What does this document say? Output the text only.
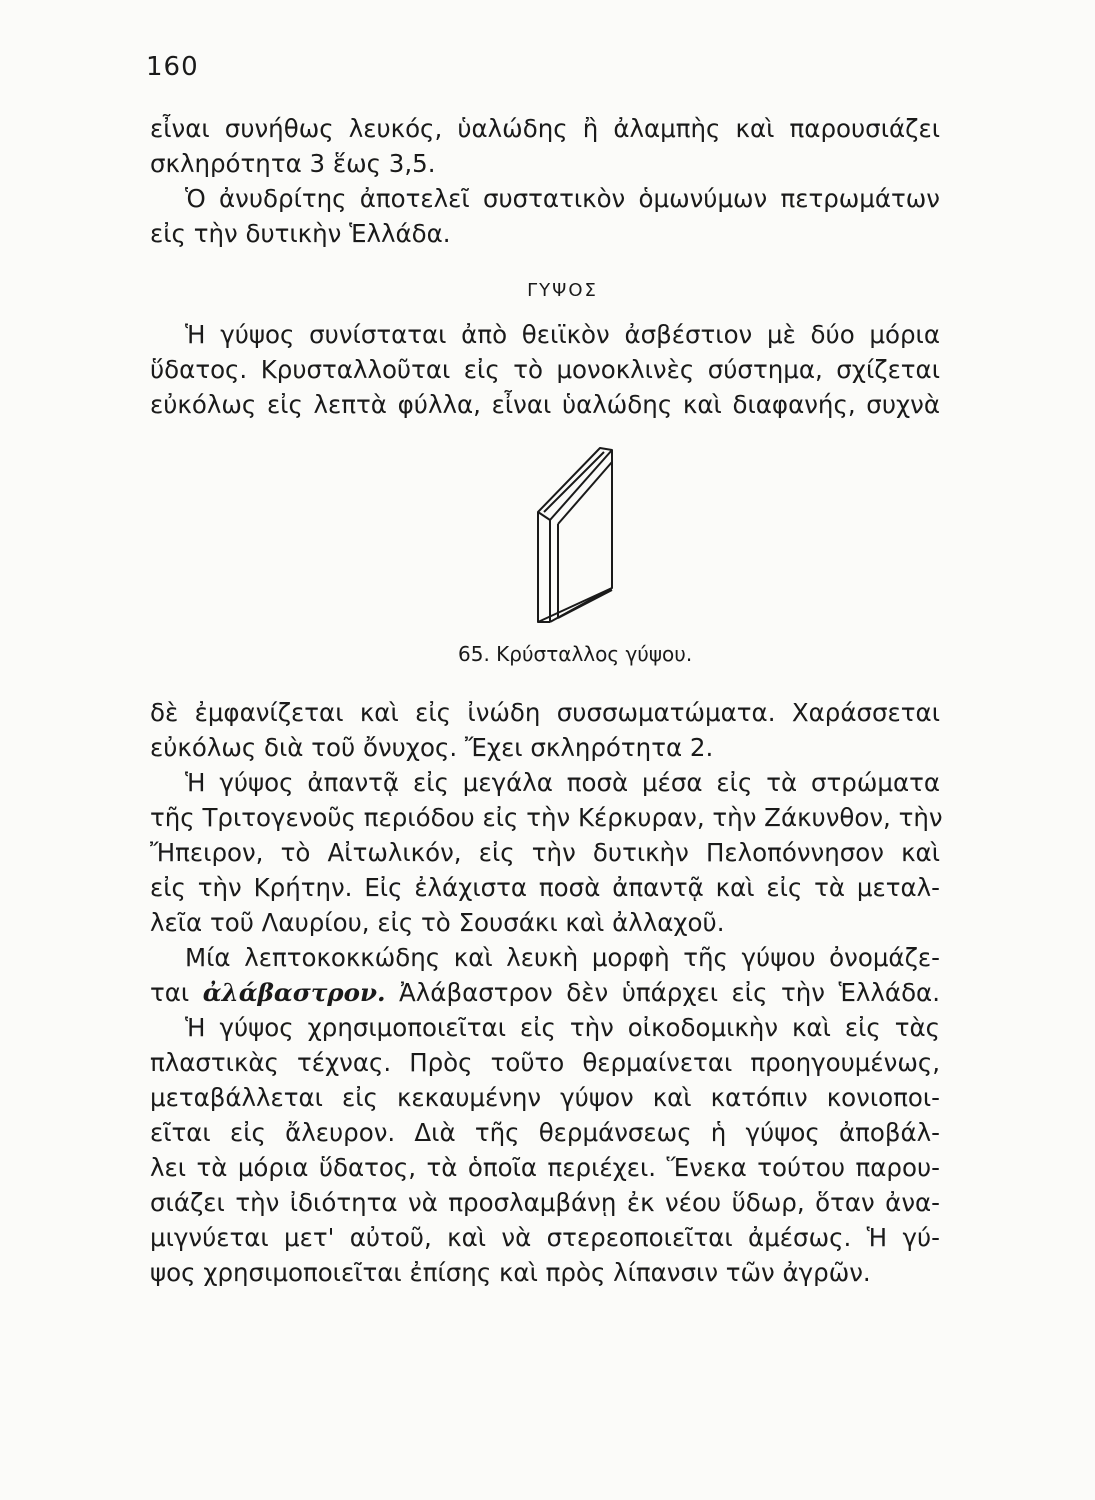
160
εἶναι συνήθως λευκός, ὑαλώδης ἢ ἀλαμπὴς καὶ παρουσιάζει
σκληρότητα 3 ἕως 3,5.
Ὁ ἀνυδρίτης ἀποτελεῖ συστατικὸν ὁμωνύμων πετρωμάτων
εἰς τὴν δυτικὴν Ἑλλάδα.
ΓΥΨΟΣ
Ἡ γύψος συνίσταται ἀπὸ θειϊκὸν ἀσβέστιον μὲ δύο μόρια
ὕδατος. Κρυσταλλοῦται εἰς τὸ μονοκλινὲς σύστημα, σχίζεται
εὐκόλως εἰς λεπτὰ φύλλα, εἶναι ὑαλώδης καὶ διαφανής, συχνὰ
65. Κρύσταλλος γύψου.
δὲ ἐμφανίζεται καὶ εἰς ἰνώδη συσσωματώματα. Χαράσσεται
εὐκόλως διὰ τοῦ ὄνυχος. Ἔχει σκληρότητα 2.
Ἡ γύψος ἀπαντᾷ εἰς μεγάλα ποσὰ μέσα εἰς τὰ στρώματα
τῆς Τριτογενοῦς περιόδου εἰς τὴν Κέρκυραν, τὴν Ζάκυνθον, τὴν
Ἤπειρον, τὸ Αἰτωλικόν, εἰς τὴν δυτικὴν Πελοπόννησον καὶ
εἰς τὴν Κρήτην. Εἰς ἐλάχιστα ποσὰ ἀπαντᾷ καὶ εἰς τὰ μεταλ-
λεῖα τοῦ Λαυρίου, εἰς τὸ Σουσάκι καὶ ἀλλαχοῦ.
Μία λεπτοκοκκώδης καὶ λευκὴ μορφὴ τῆς γύψου ὀνομάζε-
ται ἀλάβαστρον. Ἀλάβαστρον δὲν ὑπάρχει εἰς τὴν Ἑλλάδα.
Ἡ γύψος χρησιμοποιεῖται εἰς τὴν οἰκοδομικὴν καὶ εἰς τὰς
πλαστικὰς τέχνας. Πρὸς τοῦτο θερμαίνεται προηγουμένως,
μεταβάλλεται εἰς κεκαυμένην γύψον καὶ κατόπιν κονιοποι-
εῖται εἰς ἄλευρον. Διὰ τῆς θερμάνσεως ἡ γύψος ἀποβάλ-
λει τὰ μόρια ὕδατος, τὰ ὁποῖα περιέχει. Ἕνεκα τούτου παρου-
σιάζει τὴν ἰδιότητα νὰ προσλαμβάνῃ ἐκ νέου ὕδωρ, ὅταν ἀνα-
μιγνύεται μετ' αὐτοῦ, καὶ νὰ στερεοποιεῖται ἀμέσως. Ἡ γύ-
ψος χρησιμοποιεῖται ἐπίσης καὶ πρὸς λίπανσιν τῶν ἀγρῶν.
